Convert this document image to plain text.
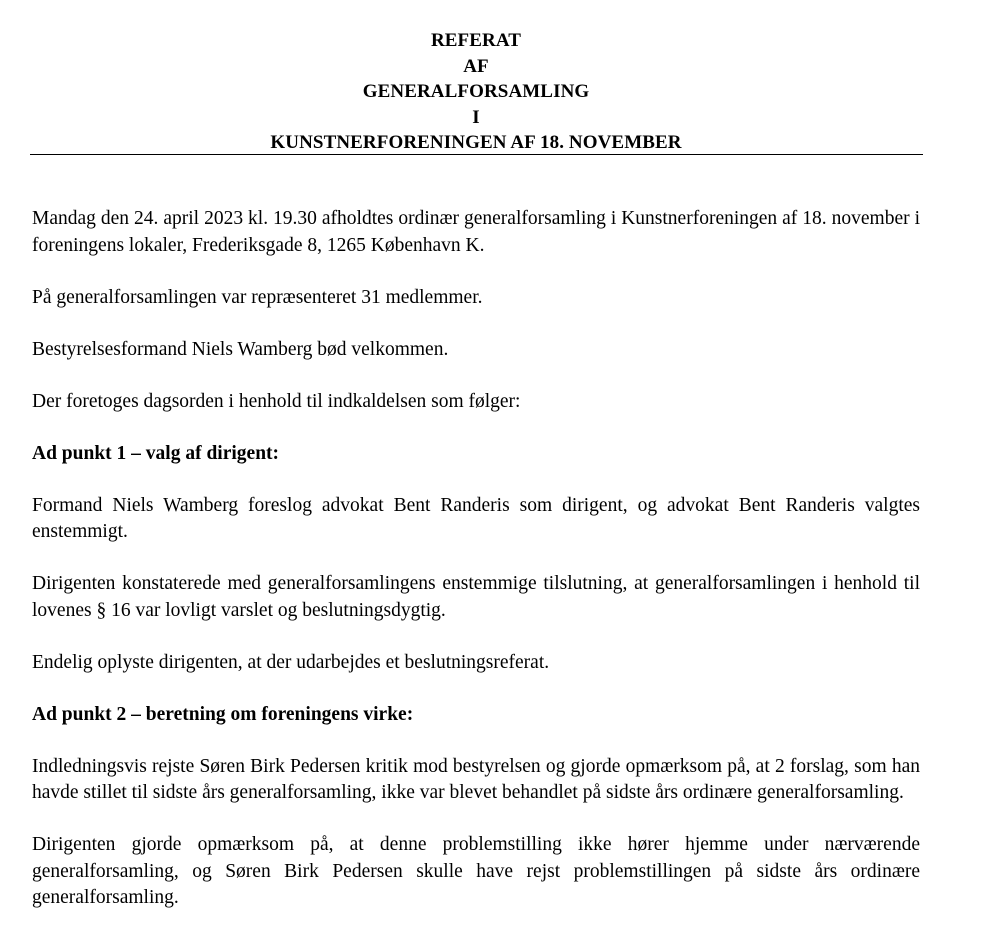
REFERAT
AF
GENERALFORSAMLING
I
KUNSTNERFORENINGEN AF 18. NOVEMBER

Mandag den 24. april 2023 kl. 19.30 afholdtes ordinær generalforsamling i Kunstnerforeningen af 18. november i foreningens lokaler, Frederiksgade 8, 1265 København K.

På generalforsamlingen var repræsenteret 31 medlemmer.

Bestyrelsesformand Niels Wamberg bød velkommen.

Der foretoges dagsorden i henhold til indkaldelsen som følger:

Ad punkt 1 – valg af dirigent:

Formand Niels Wamberg foreslog advokat Bent Randeris som dirigent, og advokat Bent Randeris valgtes enstemmigt.

Dirigenten konstaterede med generalforsamlingens enstemmige tilslutning, at generalforsamlingen i henhold til lovenes § 16 var lovligt varslet og beslutningsdygtig.

Endelig oplyste dirigenten, at der udarbejdes et beslutningsreferat.

Ad punkt 2 – beretning om foreningens virke:

Indledningsvis rejste Søren Birk Pedersen kritik mod bestyrelsen og gjorde opmærksom på, at 2 forslag, som han havde stillet til sidste års generalforsamling, ikke var blevet behandlet på sidste års ordinære generalforsamling.

Dirigenten gjorde opmærksom på, at denne problemstilling ikke hører hjemme under nærværende generalforsamling, og Søren Birk Pedersen skulle have rejst problemstillingen på sidste års ordinære generalforsamling.
